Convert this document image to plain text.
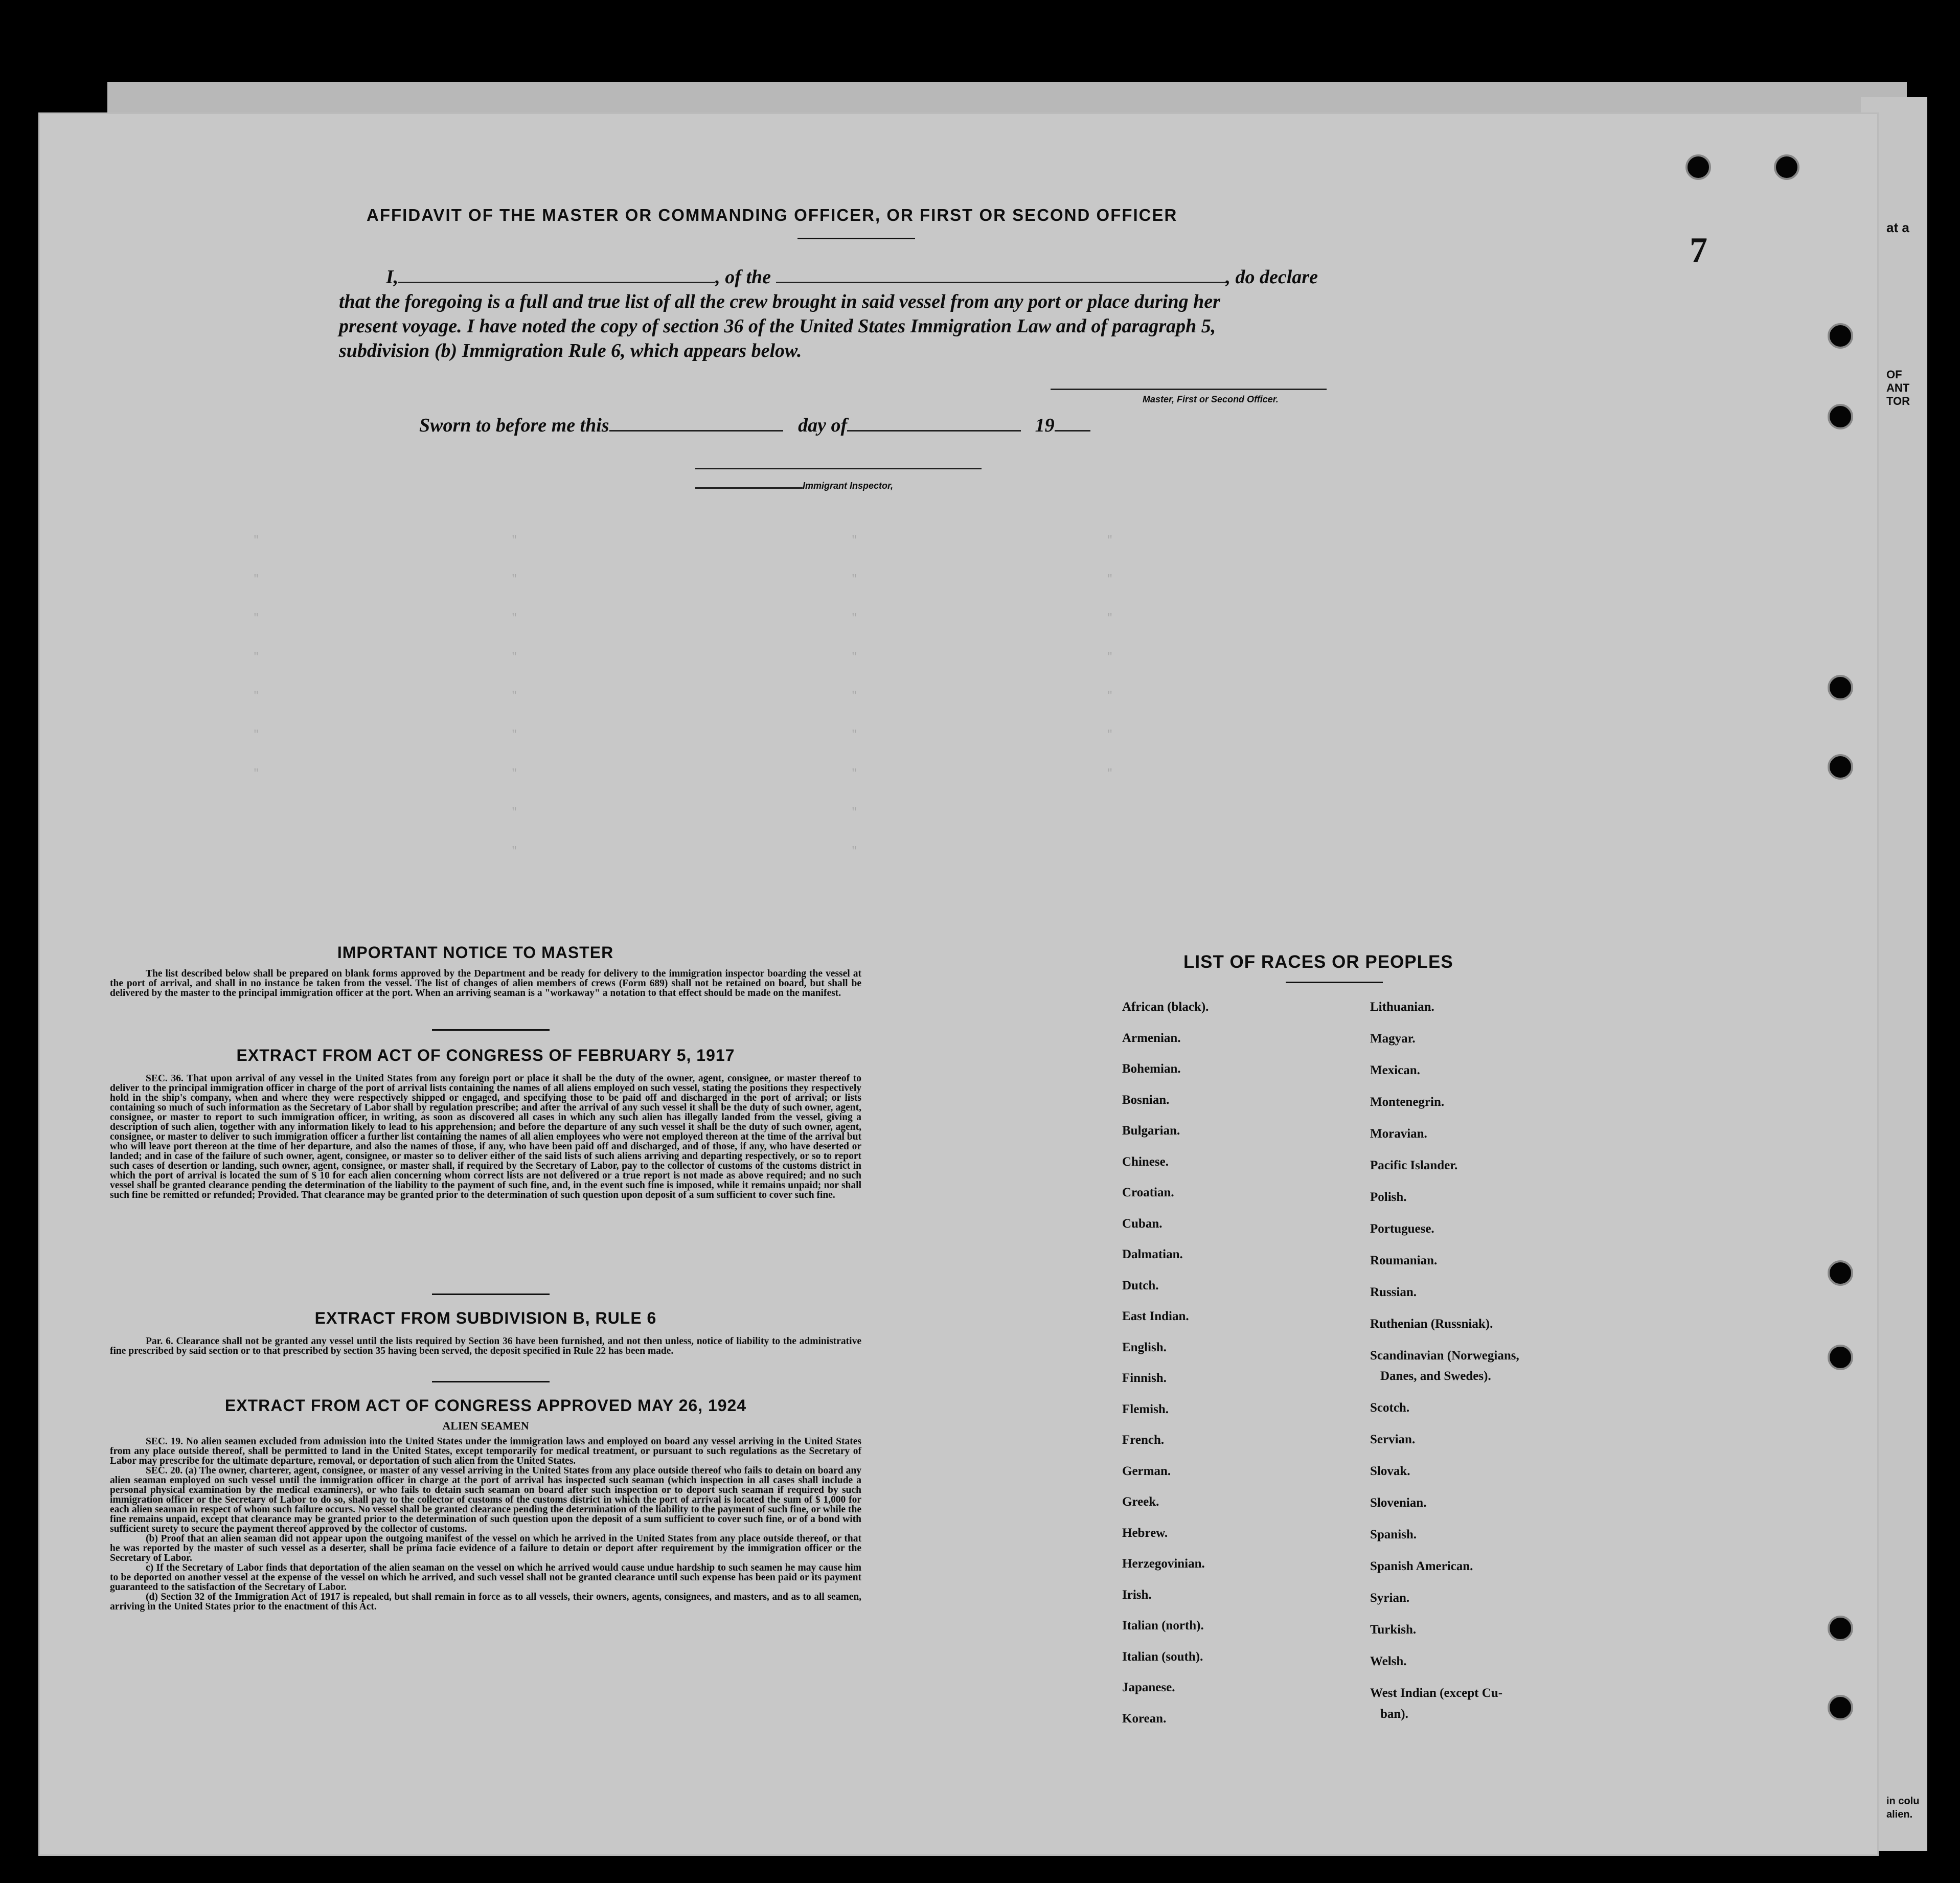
AFFIDAVIT OF THE MASTER OR COMMANDING OFFICER, OR FIRST OR SECOND OFFICER
I,	, of the	, do declare
that the foregoing is a full and true list of all the crew brought in said vessel from any port or place during her
present voyage. I have noted the copy of section 36 of the United States Immigration Law and of paragraph 5,
subdivision (b) Immigration Rule 6, which appears below.
Master, First or Second Officer.
Sworn to before me this	day of	19
Immigrant Inspector,
"
"
"
"
"
"
"
"
"
"
"
"
"
"
"
"
"
"
"
"
"
"
"
"
"
"
"
"
"
"
"
"
IMPORTANT NOTICE TO MASTER

The list described below shall be prepared on blank forms approved by the Department and be ready for delivery to the immigration inspector boarding the vessel at the port of arrival, and shall in no instance be taken from the vessel. The list of changes of alien members of crews (Form 689) shall not be retained on board, but shall be delivered by the master to the principal immigration officer at the port. When an arriving seaman is a "workaway" a notation to that effect should be made on the manifest.

EXTRACT FROM ACT OF CONGRESS OF FEBRUARY 5, 1917

SEC. 36. That upon arrival of any vessel in the United States from any foreign port or place it shall be the duty of the owner, agent, consignee, or master thereof to deliver to the principal immigration officer in charge of the port of arrival lists containing the names of all aliens employed on such vessel, stating the positions they respectively hold in the ship's company, when and where they were respectively shipped or engaged, and specifying those to be paid off and discharged in the port of arrival; or lists containing so much of such information as the Secretary of Labor shall by regulation prescribe; and after the arrival of any such vessel it shall be the duty of such owner, agent, consignee, or master to report to such immigration officer, in writing, as soon as discovered all cases in which any such alien has illegally landed from the vessel, giving a description of such alien, together with any information likely to lead to his apprehension; and before the departure of any such vessel it shall be the duty of such owner, agent, consignee, or master to deliver to such immigration officer a further list containing the names of all alien employees who were not employed thereon at the time of the arrival but who will leave port thereon at the time of her departure, and also the names of those, if any, who have been paid off and discharged, and of those, if any, who have deserted or landed; and in case of the failure of such owner, agent, consignee, or master so to deliver either of the said lists of such aliens arriving and departing respectively, or so to report such cases of desertion or landing, such owner, agent, consignee, or master shall, if required by the Secretary of Labor, pay to the collector of customs of the customs district in which the port of arrival is located the sum of $ 10 for each alien concerning whom correct lists are not delivered or a true report is not made as above required; and no such vessel shall be granted clearance pending the determination of the liability to the payment of such fine, and, in the event such fine is imposed, while it remains unpaid; nor shall such fine be remitted or refunded; Provided. That clearance may be granted prior to the determination of such question upon deposit of a sum sufficient to cover such fine.

EXTRACT FROM SUBDIVISION B, RULE 6

Par. 6. Clearance shall not be granted any vessel until the lists required by Section 36 have been furnished, and not then unless, notice of liability to the administrative fine prescribed by said section or to that prescribed by section 35 having been served, the deposit specified in Rule 22 has been made.

EXTRACT FROM ACT OF CONGRESS APPROVED MAY 26, 1924
ALIEN SEAMEN

SEC. 19. No alien seamen excluded from admission into the United States under the immigration laws and employed on board any vessel arriving in the United States from any place outside thereof, shall be permitted to land in the United States, except temporarily for medical treatment, or pursuant to such regulations as the Secretary of Labor may prescribe for the ultimate departure, removal, or deportation of such alien from the United States.

SEC. 20. (a) The owner, charterer, agent, consignee, or master of any vessel arriving in the United States from any place outside thereof who fails to detain on board any alien seaman employed on such vessel until the immigration officer in charge at the port of arrival has inspected such seaman (which inspection in all cases shall include a personal physical examination by the medical examiners), or who fails to detain such seaman on board after such inspection or to deport such seaman if required by such immigration officer or the Secretary of Labor to do so, shall pay to the collector of customs of the customs district in which the port of arrival is located the sum of $ 1,000 for each alien seaman in respect of whom such failure occurs. No vessel shall be granted clearance pending the determination of the liability to the payment of such fine, or while the fine remains unpaid, except that clearance may be granted prior to the determination of such question upon the deposit of a sum sufficient to cover such fine, or of a bond with sufficient surety to secure the payment thereof approved by the collector of customs.

(b) Proof that an alien seaman did not appear upon the outgoing manifest of the vessel on which he arrived in the United States from any place outside thereof, or that he was reported by the master of such vessel as a deserter, shall be prima facie evidence of a failure to detain or deport after requirement by the immigration officer or the Secretary of Labor.

c) If the Secretary of Labor finds that deportation of the alien seaman on the vessel on which he arrived would cause undue hardship to such seamen he may cause him to be deported on another vessel at the expense of the vessel on which he arrived, and such vessel shall not be granted clearance until such expense has been paid or its payment guaranteed to the satisfaction of the Secretary of Labor.

(d) Section 32 of the Immigration Act of 1917 is repealed, but shall remain in force as to all vessels, their owners, agents, consignees, and masters, and as to all seamen, arriving in the United States prior to the enactment of this Act.

LIST OF RACES OR PEOPLES
African (black).
Armenian.
Bohemian.
Bosnian.
Bulgarian.
Chinese.
Croatian.
Cuban.
Dalmatian.
Dutch.
East Indian.
English.
Finnish.
Flemish.
French.
German.
Greek.
Hebrew.
Herzegovinian.
Irish.
Italian (north).
Italian (south).
Japanese.
Korean.
Lithuanian.
Magyar.
Mexican.
Montenegrin.
Moravian.
Pacific Islander.
Polish.
Portuguese.
Roumanian.
Russian.
Ruthenian (Russniak).
Scandinavian (Norwegians,
Danes, and Swedes).
Scotch.
Servian.
Slovak.
Slovenian.
Spanish.
Spanish American.
Syrian.
Turkish.
Welsh.
West Indian (except Cu-
ban).
7
at a
OF
ANT
TOR
in colu
alien.
